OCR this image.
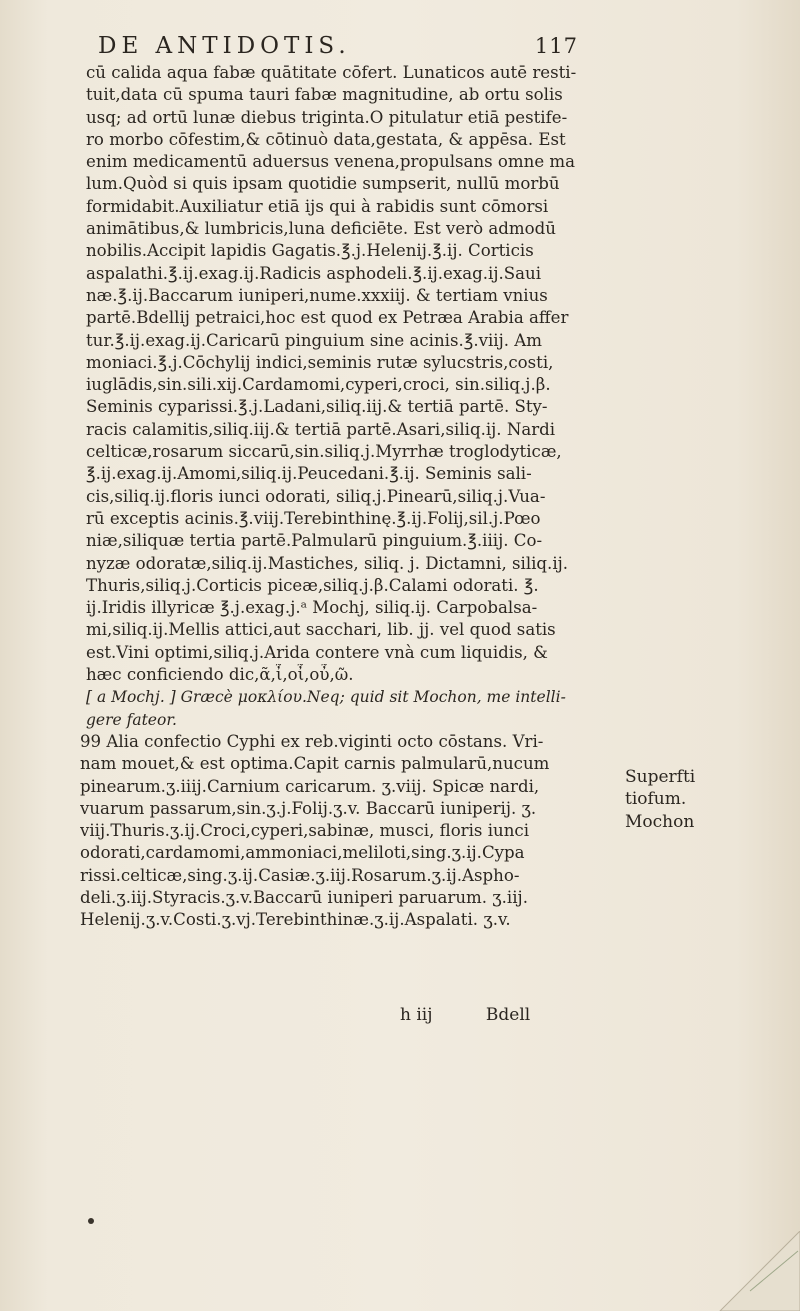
DE ANTIDOTIS.	117
cū calida aqua fabæ quātitate cōfert. Lunaticos autē resti-
tuit,data cū spuma tauri fabæ magnitudine, ab ortu solis
usq; ad ortū lunæ diebus triginta.O pitulatur etiā pestife-
ro morbo cōfestim,& cōtinuò data,gestata, & appēsa. Est
enim medicamentū aduersus venena,propulsans omne ma
lum.Quòd si quis ipsam quotidie sumpserit, nullū morbū
formidabit.Auxiliatur etiā ijs qui à rabidis sunt cōmorsi
animātibus,& lumbricis,luna deficiēte. Est verò admodū
nobilis.Accipit lapidis Gagatis.℥.j.Helenij.℥.ij. Corticis
aspalathi.℥.ij.exag.ij.Radicis asphodeli.℥.ij.exag.ij.Saui
næ.℥.ij.Baccarum iuniperi,nume.xxxiij. & tertiam vnius
partē.Bdellij petraici,hoc est quod ex Petræa Arabia affer
tur.℥.ij.exag.ij.Caricarū pinguium sine acinis.℥.viij. Am
moniaci.℥.j.Cōchylij indici,seminis rutæ sylucstris,costi,
iuglādis,sin.sili.xij.Cardamomi,cyperi,croci, sin.siliq.j.β.
Seminis cyparissi.℥.j.Ladani,siliq.iij.& tertiā partē. Sty-
racis calamitis,siliq.iij.& tertiā partē.Asari,siliq.ij. Nardi
celticæ,rosarum siccarū,sin.siliq.j.Myrrhæ troglodyticæ,
℥.ij.exag.ij.Amomi,siliq.ij.Peucedani.℥.ij. Seminis sali-
cis,siliq.ij.floris iunci odorati, siliq.j.Pinearū,siliq.j.Vua-
rū exceptis acinis.℥.viij.Terebinthinę.℥.ij.Folij,sil.j.Pœo
niæ,siliquæ tertia partē.Palmularū pinguium.℥.iiij. Co-
nyzæ odoratæ,siliq.ij.Mastiches, siliq. j. Dictamni, siliq.ij.
Thuris,siliq.j.Corticis piceæ,siliq.j.β.Calami odorati. ℥.
ij.Iridis illyricæ ℥.j.exag.j.ᵃ Mochj, siliq.ij. Carpobalsa-
mi,siliq.ij.Mellis attici,aut sacchari, lib. jj. vel quod satis
est.Vini optimi,siliq.j.Arida contere vnà cum liquidis, &
hæc conficiendo dic,ᾶ,ἶ,οἶ,οὖ,ῶ.
[ a Mochj. ] Græcè μοκλίου.Neq; quid sit Mochon, me intelli-
gere fateor.
99 Alia confectio Cyphi ex reb.viginti octo cōstans. Vri-
nam mouet,& est optima.Capit carnis palmularū,nucum
pinearum.ʒ.iiij.Carnium caricarum. ʒ.viij. Spicæ nardi,
vuarum passarum,sin.ʒ.j.Folij.ʒ.v. Baccarū iuniperij. ʒ.
viij.Thuris.ʒ.ij.Croci,cyperi,sabinæ, musci, floris iunci
odorati,cardamomi,ammoniaci,meliloti,sing.ʒ.ij.Cypa
rissi.celticæ,sing.ʒ.ij.Casiæ.ʒ.iij.Rosarum.ʒ.ij.Aspho-
deli.ʒ.iij.Styracis.ʒ.v.Baccarū iuniperi paruarum. ʒ.iij.
Helenij.ʒ.v.Costi.ʒ.vj.Terebinthinæ.ʒ.ij.Aspalati. ʒ.v.
Superfti
tiofum.
Mochon
h iij	Bdell
